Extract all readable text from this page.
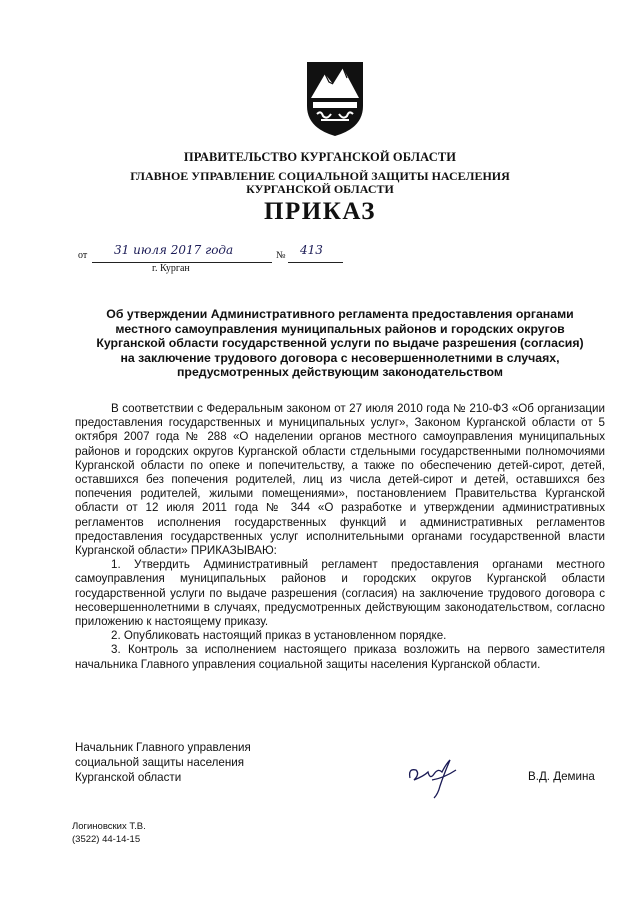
ПРАВИТЕЛЬСТВО КУРГАНСКОЙ ОБЛАСТИ
ГЛАВНОЕ УПРАВЛЕНИЕ СОЦИАЛЬНОЙ ЗАЩИТЫ НАСЕЛЕНИЯ
КУРГАНСКОЙ ОБЛАСТИ
ПРИКАЗ
от 31 июля 2017 года	№ 413
г. Курган
Об утверждении Административного регламента предоставления органами
местного самоуправления муниципальных районов и городских округов
Курганской области государственной услуги по выдаче разрешения (согласия)
на заключение трудового договора с несовершеннолетними в случаях,
предусмотренных действующим законодательством

В соответствии с Федеральным законом от 27 июля 2010 года № 210-ФЗ «Об организации предоставления государственных и муниципальных услуг», Законом Курганской области от 5 октября 2007 года № 288 «О наделении органов местного самоуправления муниципальных районов и городских округов Курганской области стдельными государственными полномочиями Курганской области по опеке и попечительству, а также по обеспечению детей-сирот, детей, оставшихся без попечения родителей, лиц из числа детей-сирот и детей, оставшихся без попечения родителей, жилыми помещениями», постановлением Правительства Курганской области от 12 июля 2011 года № 344 «О разработке и утверждении административных регламентов исполнения государственных функций и административных регламентов предоставления государственных услуг исполнительными органами государственной власти Курганской области» ПРИКАЗЫВАЮ:

1. Утвердить Административный регламент предоставления органами местного самоуправления муниципальных районов и городских округов Курганской области государственной услуги по выдаче разрешения (согласия) на заключение трудового договора с несовершеннолетними в случаях, предусмотренных действующим законодательством, согласно приложению к настоящему приказу.

2. Опубликовать настоящий приказ в установленном порядке.

3. Контроль за исполнением настоящего приказа возложить на первого заместителя начальника Главного управления социальной защиты населения Курганской области.

Начальник Главного управления
социальной защиты населения
Курганской области	В.Д. Демина
Логиновских Т.В.
(3522) 44-14-15
